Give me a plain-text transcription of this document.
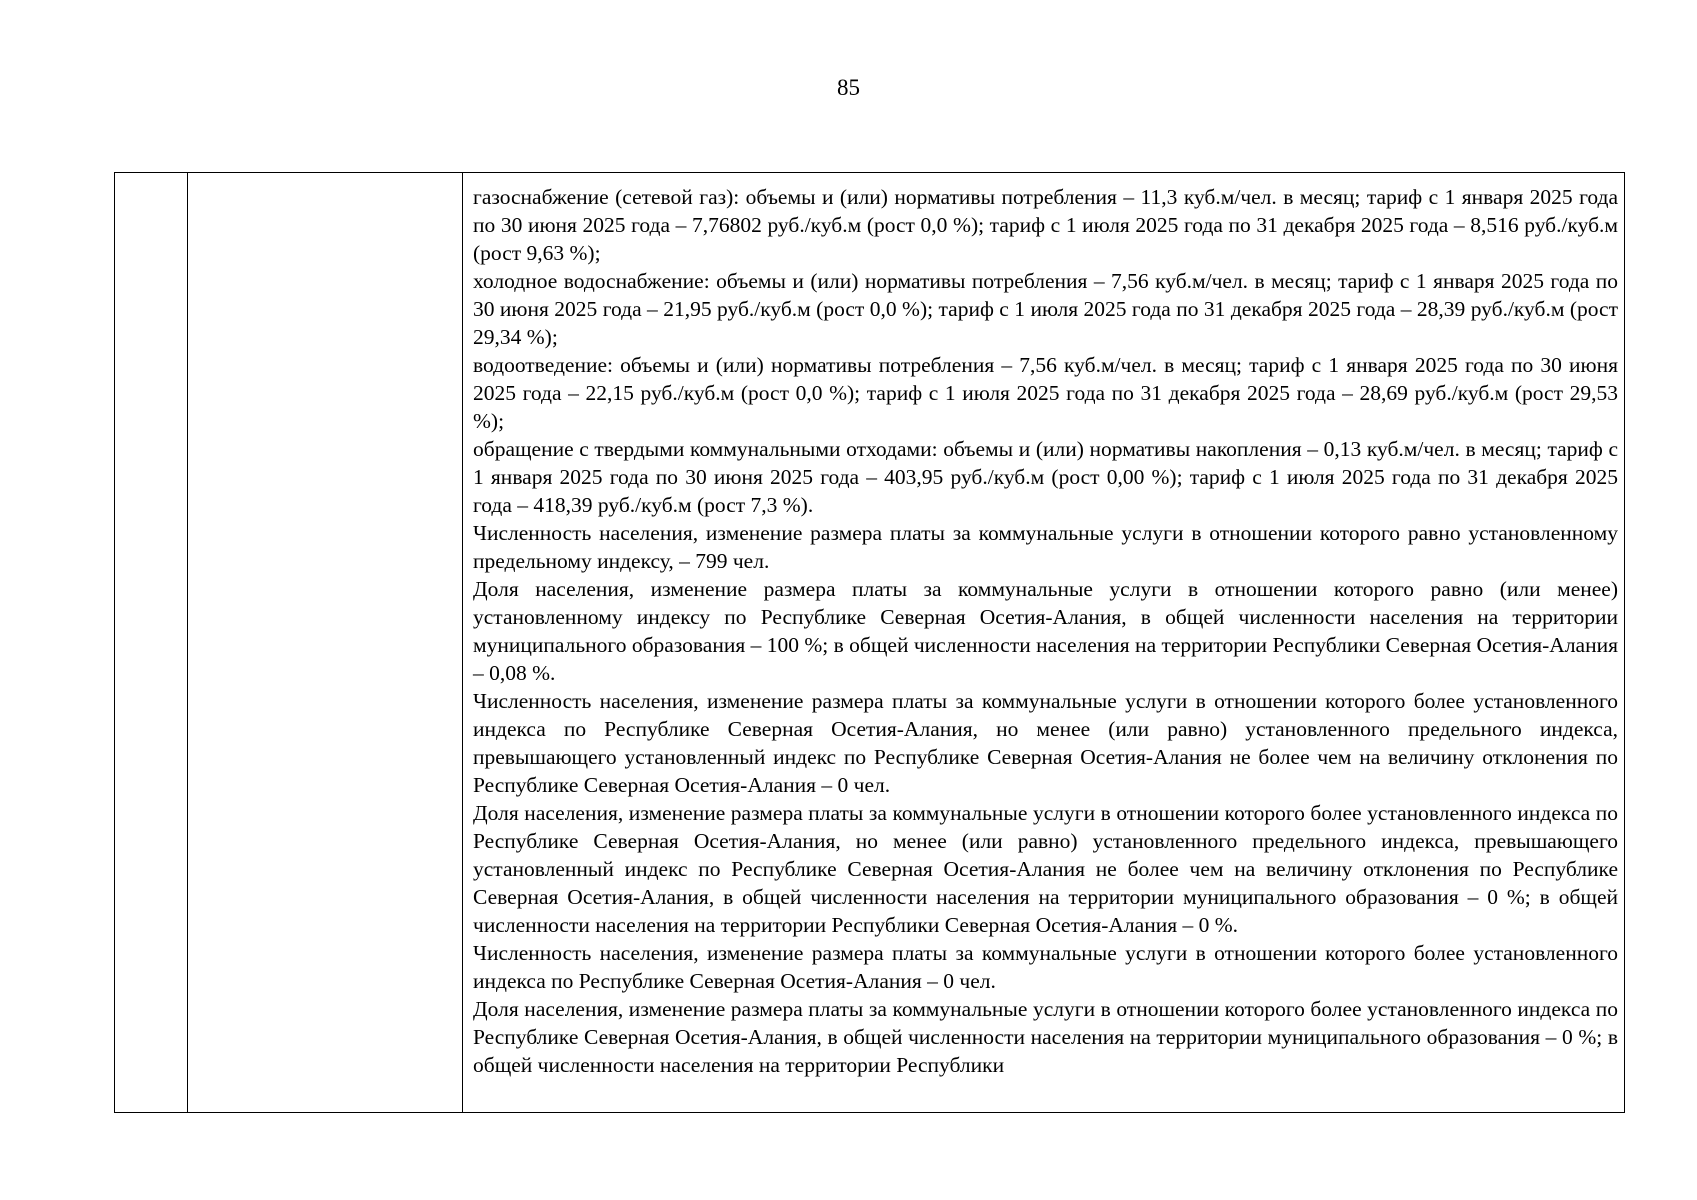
85

газоснабжение (сетевой газ): объемы и (или) нормативы потребления – 11,3 куб.м/чел. в месяц; тариф с 1 января 2025 года по 30 июня 2025 года – 7,76802 руб./куб.м (рост 0,0 %); тариф с 1 июля 2025 года по 31 декабря 2025 года – 8,516 руб./куб.м (рост 9,63 %);

холодное водоснабжение: объемы и (или) нормативы потребления – 7,56 куб.м/чел. в месяц; тариф с 1 января 2025 года по 30 июня 2025 года – 21,95 руб./куб.м (рост 0,0 %); тариф с 1 июля 2025 года по 31 декабря 2025 года – 28,39 руб./куб.м (рост 29,34 %);

водоотведение: объемы и (или) нормативы потребления – 7,56 куб.м/чел. в месяц; тариф с 1 января 2025 года по 30 июня 2025 года – 22,15 руб./куб.м (рост 0,0 %); тариф с 1 июля 2025 года по 31 декабря 2025 года – 28,69 руб./куб.м (рост 29,53 %);

обращение с твердыми коммунальными отходами: объемы и (или) нормативы накопления – 0,13 куб.м/чел. в месяц; тариф с 1 января 2025 года по 30 июня 2025 года – 403,95 руб./куб.м (рост 0,00 %); тариф с 1 июля 2025 года по 31 декабря 2025 года – 418,39 руб./куб.м (рост 7,3 %).

Численность населения, изменение размера платы за коммунальные услуги в отношении которого равно установленному предельному индексу, – 799 чел.

Доля населения, изменение размера платы за коммунальные услуги в отношении которого равно (или менее) установленному индексу по Республике Северная Осетия-Алания, в общей численности населения на территории муниципального образования – 100 %; в общей численности населения на территории Республики Северная Осетия-Алания – 0,08 %.

Численность населения, изменение размера платы за коммунальные услуги в отношении которого более установленного индекса по Республике Северная Осетия-Алания, но менее (или равно) установленного предельного индекса, превышающего установленный индекс по Республике Северная Осетия-Алания не более чем на величину отклонения по Республике Северная Осетия-Алания – 0 чел.

Доля населения, изменение размера платы за коммунальные услуги в отношении которого более установленного индекса по Республике Северная Осетия-Алания, но менее (или равно) установленного предельного индекса, превышающего установленный индекс по Республике Северная Осетия-Алания не более чем на величину отклонения по Республике Северная Осетия-Алания, в общей численности населения на территории муниципального образования – 0 %; в общей численности населения на территории Республики Северная Осетия-Алания – 0 %.

Численность населения, изменение размера платы за коммунальные услуги в отношении которого более установленного индекса по Республике Северная Осетия-Алания – 0 чел.

Доля населения, изменение размера платы за коммунальные услуги в отношении которого более установленного индекса по Республике Северная Осетия-Алания, в общей численности населения на территории муниципального образования – 0 %; в общей численности населения на территории Республики
